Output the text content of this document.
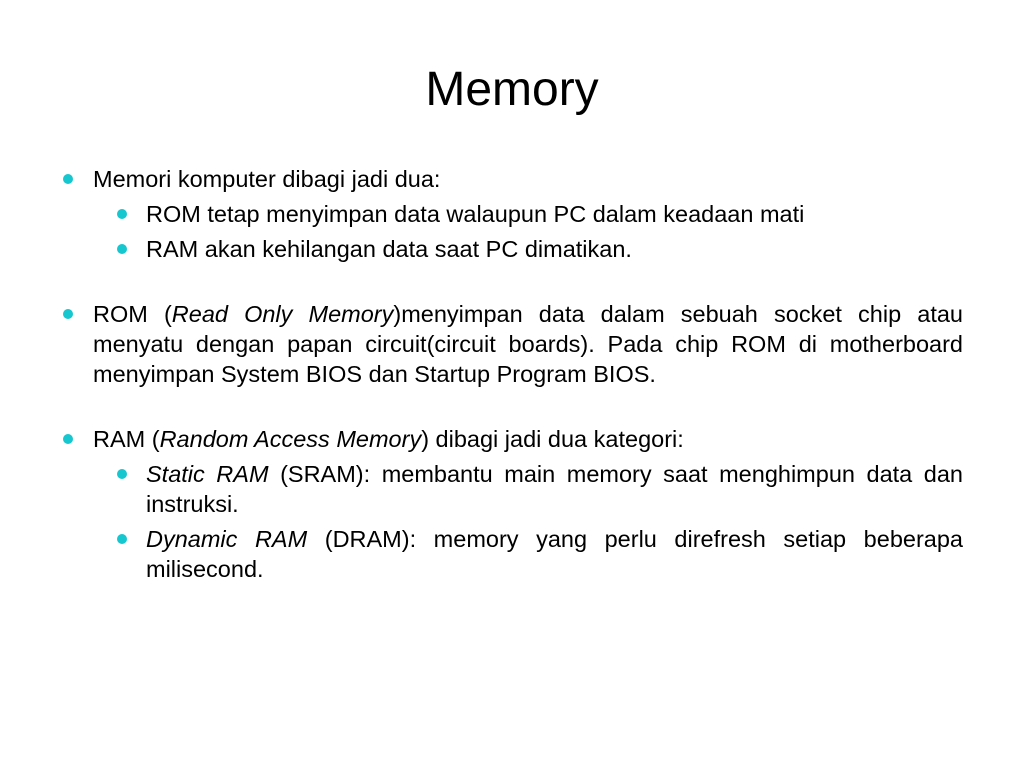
Memory
Memori komputer dibagi jadi dua:
ROM tetap menyimpan data walaupun PC dalam keadaan mati
RAM akan kehilangan data saat PC dimatikan.
ROM (Read Only Memory)menyimpan data dalam sebuah socket chip atau menyatu dengan papan circuit(circuit boards). Pada chip ROM di motherboard menyimpan System BIOS dan Startup Program BIOS.
RAM (Random Access Memory) dibagi jadi dua kategori:
Static RAM (SRAM): membantu main memory saat menghimpun data dan instruksi.
Dynamic RAM (DRAM): memory yang perlu direfresh setiap beberapa milisecond.
